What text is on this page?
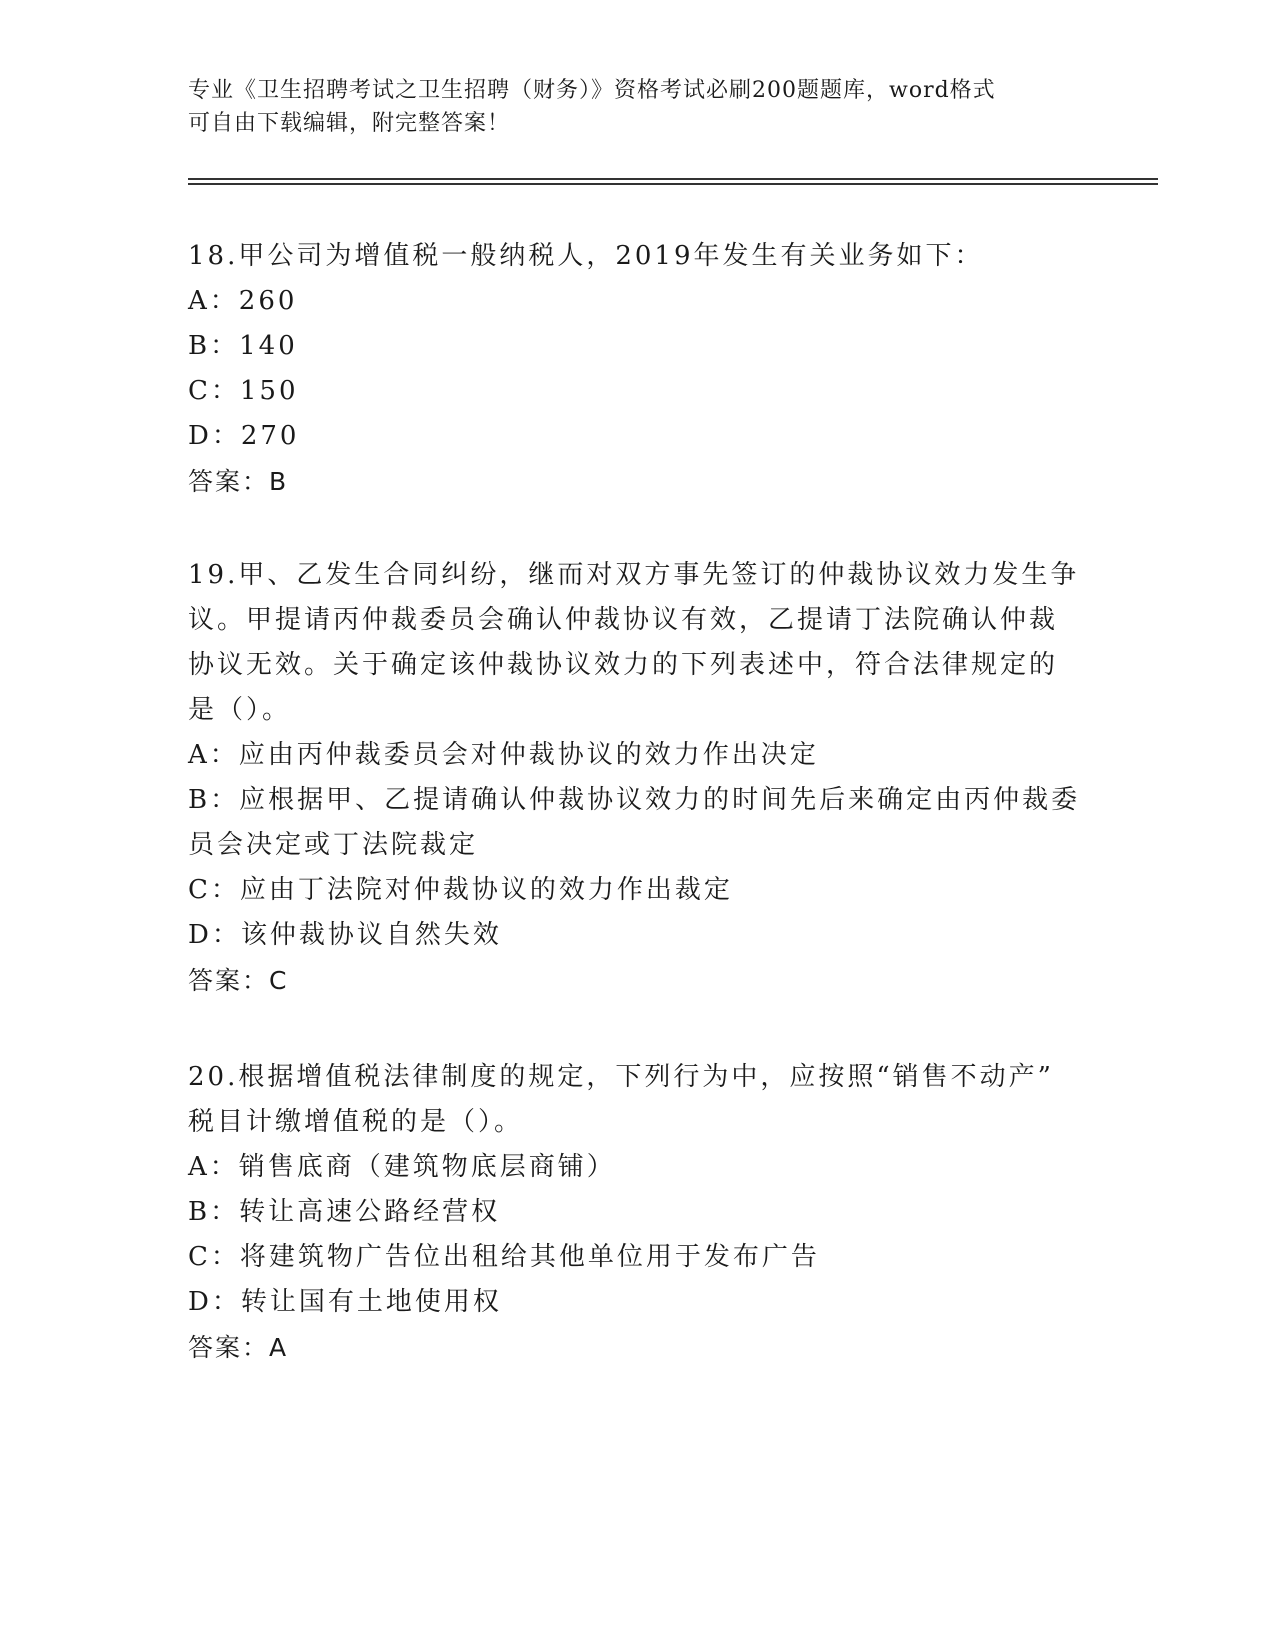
专业《卫生招聘考试之卫生招聘（财务）》资格考试必刷200题题库，word格式
可自由下载编辑，附完整答案！
18.甲公司为增值税一般纳税人，2019年发生有关业务如下：
A：260
B：140
C：150
D：270
答案：B
19.甲、乙发生合同纠纷，继而对双方事先签订的仲裁协议效力发生争
议。甲提请丙仲裁委员会确认仲裁协议有效，乙提请丁法院确认仲裁
协议无效。关于确定该仲裁协议效力的下列表述中，符合法律规定的
是（）。
A：应由丙仲裁委员会对仲裁协议的效力作出决定
B：应根据甲、乙提请确认仲裁协议效力的时间先后来确定由丙仲裁委
员会决定或丁法院裁定
C：应由丁法院对仲裁协议的效力作出裁定
D：该仲裁协议自然失效
答案：C
20.根据增值税法律制度的规定，下列行为中，应按照“销售不动产”
税目计缴增值税的是（）。
A：销售底商（建筑物底层商铺）
B：转让高速公路经营权
C：将建筑物广告位出租给其他单位用于发布广告
D：转让国有土地使用权
答案：A
